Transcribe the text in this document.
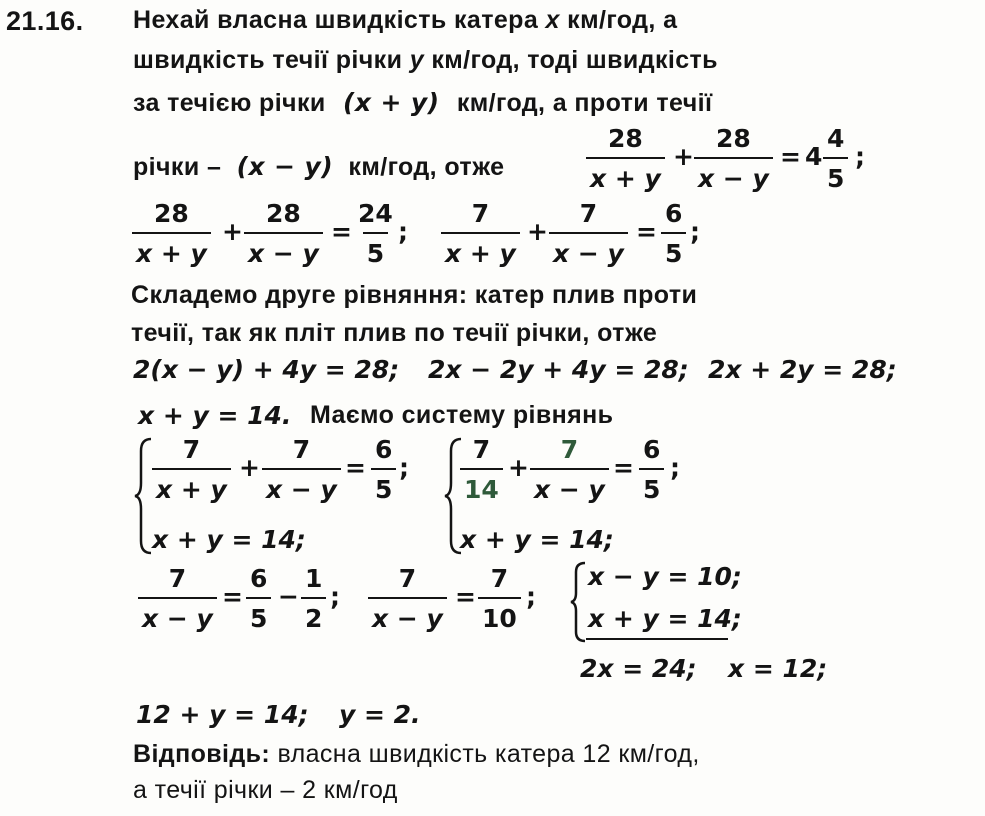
21.16. Нехай власна швидкість катера x км/год, а
швидкість течії річки y км/год, тоді швидкість
за течією річки (x + y) км/год, а проти течії
річки – (x − y) км/год, отже	$\frac{28}{x + y} + \frac{28}{x - y} = 4 \frac{4}{5}$ ;
$\frac{28}{x + y} + \frac{28}{x - y} = \frac{24}{5}$ ; $\frac{7}{x + y} + \frac{7}{x - y} = \frac{6}{5}$ ;
Складемо друге рівняння: катер плив проти
течії, так як пліт плив по течії річки, отже
2(x − y) + 4y = 28; 2x − 2y + 4y = 28; 2x + 2y = 28;
x + y = 14. Маємо систему рівнянь
$\frac{7}{x + y} + \frac{7}{x - y} = \frac{6}{5}$ ;
x + y = 14;
$\frac{7}{14} + \frac{7}{x - y} = \frac{6}{5}$ ;
x + y = 14;
$\frac{7}{x - y} = \frac{6}{5} - \frac{1}{2}$ ; $\frac{7}{x - y} = \frac{7}{10}$ ;
x − y = 10;
x + y = 14;
2x = 24; x = 12;
12 + y = 14; y = 2.
Відповідь: власна швидкість катера 12 км/год,
а течії річки – 2 км/год
